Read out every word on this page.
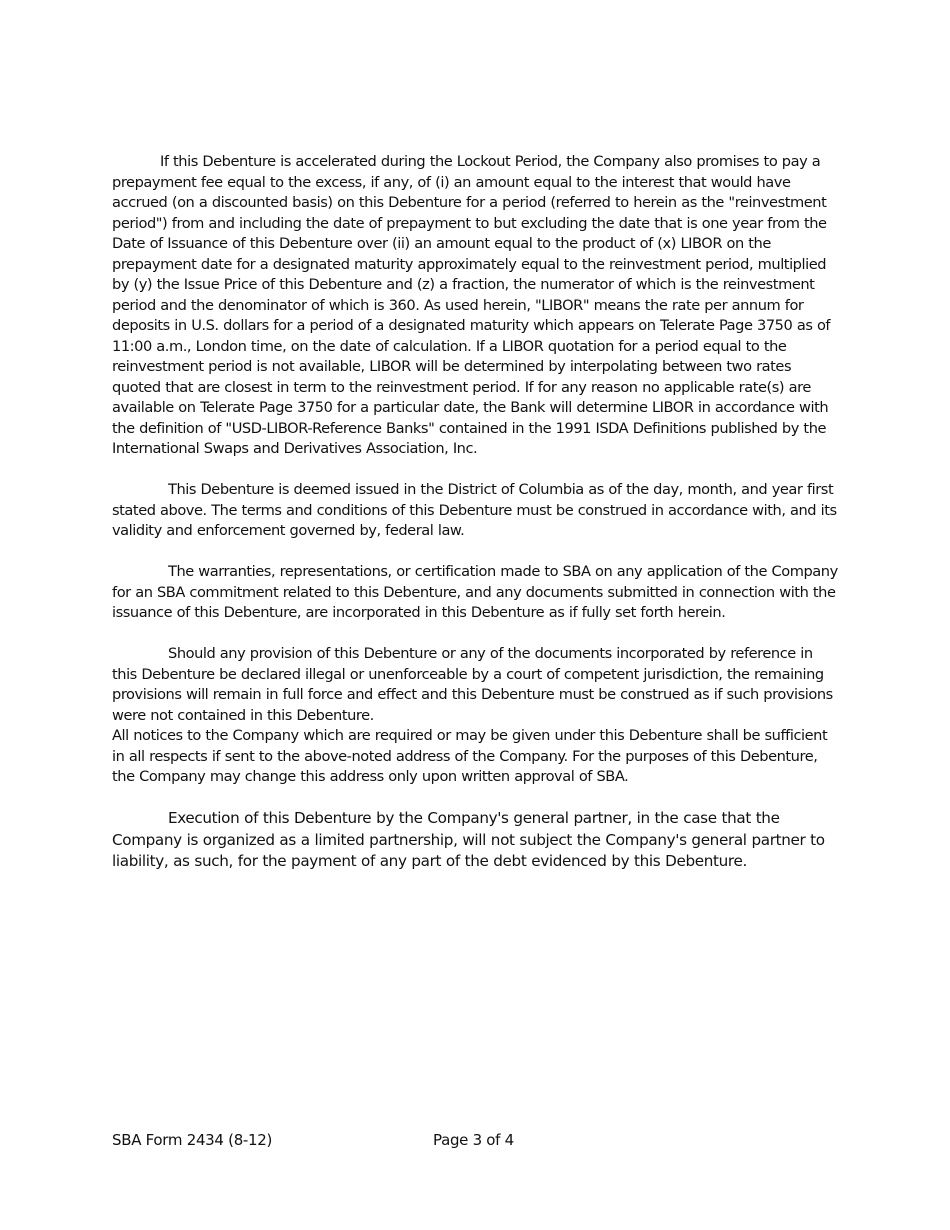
If this Debenture is accelerated during the Lockout Period, the Company also promises to pay a prepayment fee equal to the excess, if any, of (i) an amount equal to the interest that would have accrued (on a discounted basis) on this Debenture for a period (referred to herein as the "reinvestment period") from and including the date of prepayment to but excluding the date that is one year from the Date of Issuance of this Debenture over (ii) an amount equal to the product of (x) LIBOR on the prepayment date for a designated maturity approximately equal to the reinvestment period, multiplied by (y) the Issue Price of this Debenture and (z) a fraction, the numerator of which is the reinvestment period and the denominator of which is 360. As used herein, "LIBOR" means the rate per annum for deposits in U.S. dollars for a period of a designated maturity which appears on Telerate Page 3750 as of 11:00 a.m., London time, on the date of calculation. If a LIBOR quotation for a period equal to the reinvestment period is not available, LIBOR will be determined by interpolating between two rates quoted that are closest in term to the reinvestment period. If for any reason no applicable rate(s) are available on Telerate Page 3750 for a particular date, the Bank will determine LIBOR in accordance with the definition of "USD-LIBOR-Reference Banks" contained in the 1991 ISDA Definitions published by the International Swaps and Derivatives Association, Inc.

This Debenture is deemed issued in the District of Columbia as of the day, month, and year first stated above. The terms and conditions of this Debenture must be construed in accordance with, and its validity and enforcement governed by, federal law.

The warranties, representations, or certification made to SBA on any application of the Company for an SBA commitment related to this Debenture, and any documents submitted in connection with the issuance of this Debenture, are incorporated in this Debenture as if fully set forth herein.

Should any provision of this Debenture or any of the documents incorporated by reference in this Debenture be declared illegal or unenforceable by a court of competent jurisdiction, the remaining provisions will remain in full force and effect and this Debenture must be construed as if such provisions were not contained in this Debenture.

All notices to the Company which are required or may be given under this Debenture shall be sufficient in all respects if sent to the above-noted address of the Company. For the purposes of this Debenture, the Company may change this address only upon written approval of SBA.

Execution of this Debenture by the Company's general partner, in the case that the Company is organized as a limited partnership, will not subject the Company's general partner to liability, as such, for the payment of any part of the debt evidenced by this Debenture.

SBA Form 2434 (8-12)	Page 3 of 4
